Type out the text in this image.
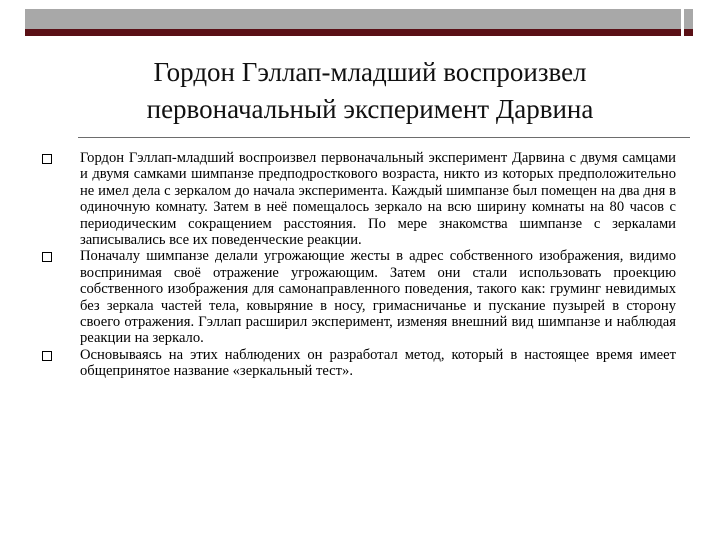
Гордон Гэллап-младший воспроизвел
первоначальный эксперимент Дарвина
Гордон Гэллап-младший воспроизвел первоначальный эксперимент Дарвина с двумя самцами и двумя самками шимпанзе предподросткового возраста, никто из которых предположительно не имел дела с зеркалом до начала эксперимента. Каждый шимпанзе был помещен на два дня в одиночную комнату. Затем в неё помещалось зеркало на всю ширину комнаты на 80 часов с периодическим сокращением расстояния. По мере знакомства шимпанзе с зеркалами записывались все их поведенческие реакции.
Поначалу шимпанзе делали угрожающие жесты в адрес собственного изображения, видимо воспринимая своё отражение угрожающим. Затем они стали использовать проекцию собственного изображения для самонаправленного поведения, такого как: груминг невидимых без зеркала частей тела, ковыряние в носу, гримасничанье и пускание пузырей в сторону своего отражения. Гэллап расширил эксперимент, изменяя внешний вид шимпанзе и наблюдая реакции на зеркало.
Основываясь на этих наблюдених он разработал метод, который в настоящее время имеет общепринятое название «зеркальный тест».
